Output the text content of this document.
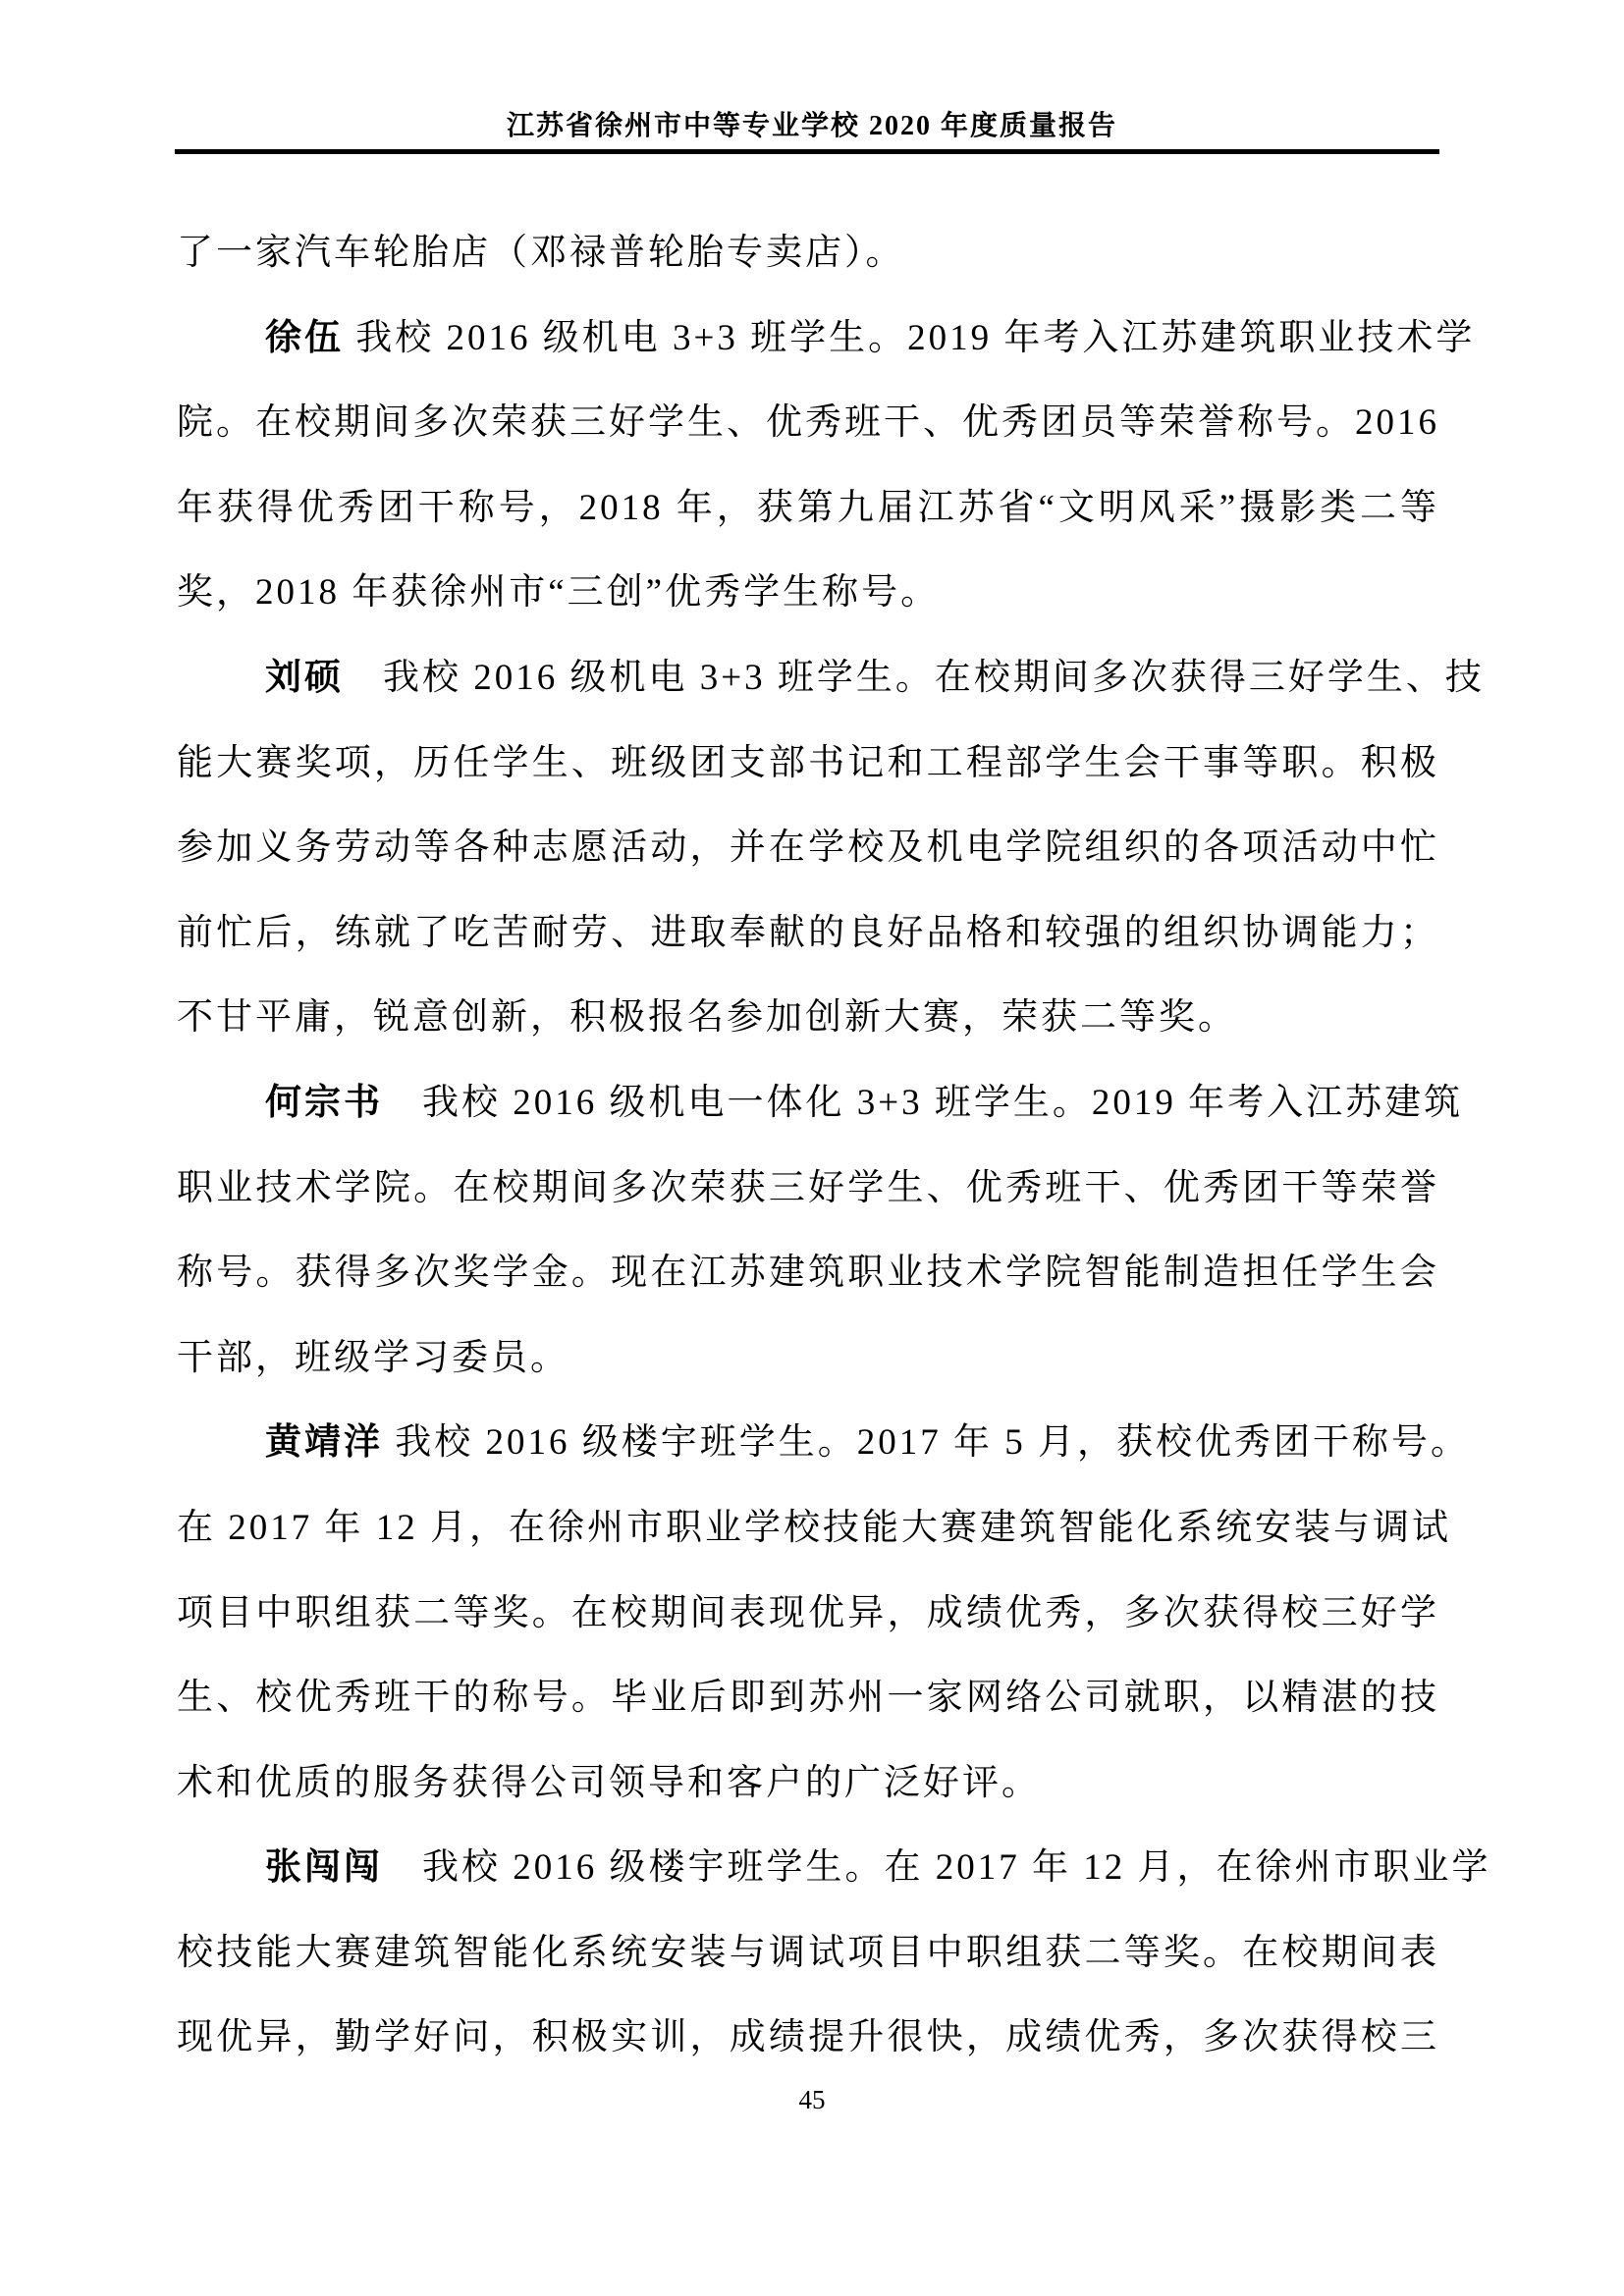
江苏省徐州市中等专业学校 2020 年度质量报告
了一家汽车轮胎店（邓禄普轮胎专卖店）。
徐伍 我校 2016 级机电 3+3 班学生。2019 年考入江苏建筑职业技术学
院。在校期间多次荣获三好学生、优秀班干、优秀团员等荣誉称号。2016
年获得优秀团干称号，2018 年，获第九届江苏省“文明风采”摄影类二等
奖，2018 年获徐州市“三创”优秀学生称号。
刘硕　我校 2016 级机电 3+3 班学生。在校期间多次获得三好学生、技
能大赛奖项，历任学生、班级团支部书记和工程部学生会干事等职。积极
参加义务劳动等各种志愿活动，并在学校及机电学院组织的各项活动中忙
前忙后，练就了吃苦耐劳、进取奉献的良好品格和较强的组织协调能力；
不甘平庸，锐意创新，积极报名参加创新大赛，荣获二等奖。
何宗书　我校 2016 级机电一体化 3+3 班学生。2019 年考入江苏建筑
职业技术学院。在校期间多次荣获三好学生、优秀班干、优秀团干等荣誉
称号。获得多次奖学金。现在江苏建筑职业技术学院智能制造担任学生会
干部，班级学习委员。
黄靖洋 我校 2016 级楼宇班学生。2017 年 5 月，获校优秀团干称号。
在 2017 年 12 月，在徐州市职业学校技能大赛建筑智能化系统安装与调试
项目中职组获二等奖。在校期间表现优异，成绩优秀，多次获得校三好学
生、校优秀班干的称号。毕业后即到苏州一家网络公司就职，以精湛的技
术和优质的服务获得公司领导和客户的广泛好评。
张闯闯　我校 2016 级楼宇班学生。在 2017 年 12 月，在徐州市职业学
校技能大赛建筑智能化系统安装与调试项目中职组获二等奖。在校期间表
现优异，勤学好问，积极实训，成绩提升很快，成绩优秀，多次获得校三
45
